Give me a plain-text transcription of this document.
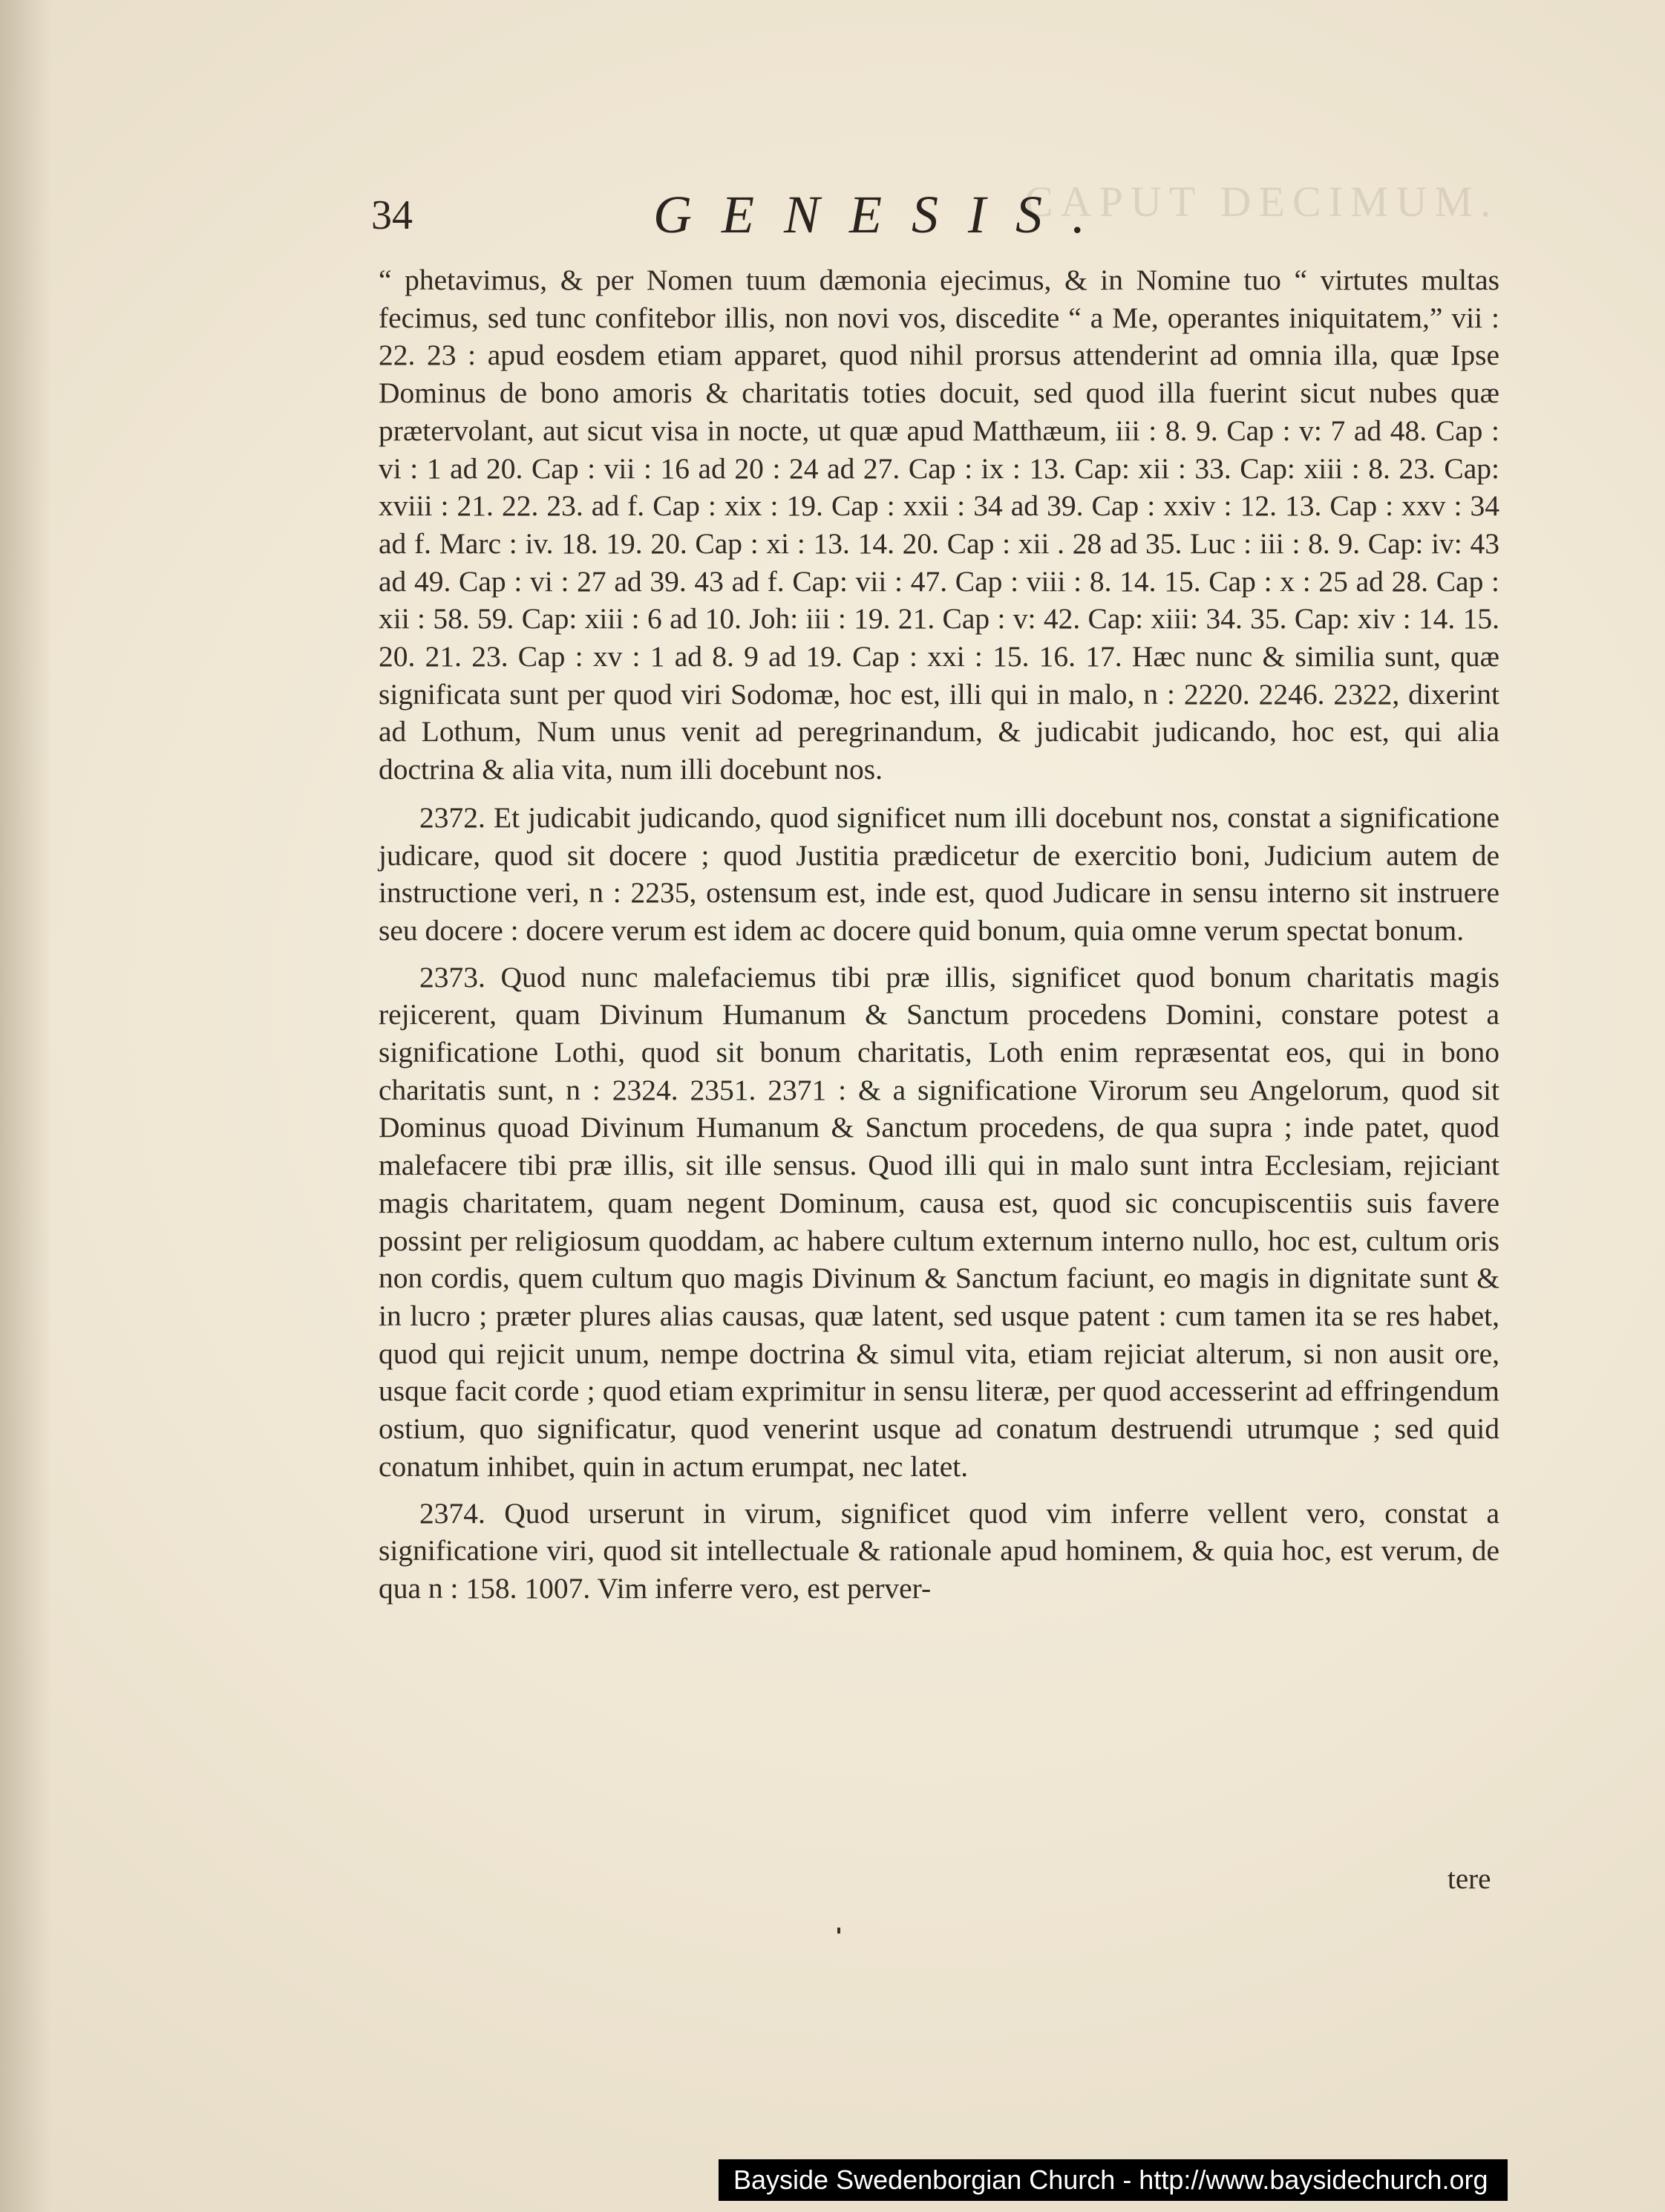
CAPUT DECIMUM.
34	GENESIS.

“ phetavimus, & per Nomen tuum dæmonia ejecimus, & in Nomine tuo “ virtutes multas fecimus, sed tunc confitebor illis, non novi vos, discedite “ a Me, operantes iniquitatem,” vii : 22. 23 : apud eosdem etiam apparet, quod nihil prorsus attenderint ad omnia illa, quæ Ipse Dominus de bono amoris & charitatis toties docuit, sed quod illa fuerint sicut nubes quæ prætervolant, aut sicut visa in nocte, ut quæ apud Matthæum, iii : 8. 9. Cap : v: 7 ad 48. Cap : vi : 1 ad 20. Cap : vii : 16 ad 20 : 24 ad 27. Cap : ix : 13. Cap: xii : 33. Cap: xiii : 8. 23. Cap: xviii : 21. 22. 23. ad f. Cap : xix : 19. Cap : xxii : 34 ad 39. Cap : xxiv : 12. 13. Cap : xxv : 34 ad f. Marc : iv. 18. 19. 20. Cap : xi : 13. 14. 20. Cap : xii . 28 ad 35. Luc : iii : 8. 9. Cap: iv: 43 ad 49. Cap : vi : 27 ad 39. 43 ad f. Cap: vii : 47. Cap : viii : 8. 14. 15. Cap : x : 25 ad 28. Cap : xii : 58. 59. Cap: xiii : 6 ad 10. Joh: iii : 19. 21. Cap : v: 42. Cap: xiii: 34. 35. Cap: xiv : 14. 15. 20. 21. 23. Cap : xv : 1 ad 8. 9 ad 19. Cap : xxi : 15. 16. 17. Hæc nunc & similia sunt, quæ significata sunt per quod viri Sodomæ, hoc est, illi qui in malo, n : 2220. 2246. 2322, dixerint ad Lothum, Num unus venit ad peregrinandum, & judicabit judicando, hoc est, qui alia doctrina & alia vita, num illi docebunt nos.

2372. Et judicabit judicando, quod significet num illi docebunt nos, constat a significatione judicare, quod sit docere ; quod Justitia prædicetur de exercitio boni, Judicium autem de instructione veri, n : 2235, ostensum est, inde est, quod Judicare in sensu interno sit instruere seu docere : docere verum est idem ac docere quid bonum, quia omne verum spectat bonum.

2373. Quod nunc malefaciemus tibi præ illis, significet quod bonum charitatis magis rejicerent, quam Divinum Humanum & Sanctum procedens Domini, constare potest a significatione Lothi, quod sit bonum charitatis, Loth enim repræsentat eos, qui in bono charitatis sunt, n : 2324. 2351. 2371 : & a significatione Virorum seu Angelorum, quod sit Dominus quoad Divinum Humanum & Sanctum procedens, de qua supra ; inde patet, quod malefacere tibi præ illis, sit ille sensus. Quod illi qui in malo sunt intra Ecclesiam, rejiciant magis charitatem, quam negent Dominum, causa est, quod sic concupiscentiis suis favere possint per religiosum quoddam, ac habere cultum externum interno nullo, hoc est, cultum oris non cordis, quem cultum quo magis Divinum & Sanctum faciunt, eo magis in dignitate sunt & in lucro ; præter plures alias causas, quæ latent, sed usque patent : cum tamen ita se res habet, quod qui rejicit unum, nempe doctrina & simul vita, etiam rejiciat alterum, si non ausit ore, usque facit corde ; quod etiam exprimitur in sensu literæ, per quod accesserint ad effringendum ostium, quo significatur, quod venerint usque ad conatum destruendi utrumque ; sed quid conatum inhibet, quin in actum erumpat, nec latet.

2374. Quod urserunt in virum, significet quod vim inferre vellent vero, constat a significatione viri, quod sit intellectuale & rationale apud hominem, & quia hoc, est verum, de qua n : 158. 1007. Vim inferre vero, est perver-

tere
Bayside Swedenborgian Church - http://www.baysidechurch.org
